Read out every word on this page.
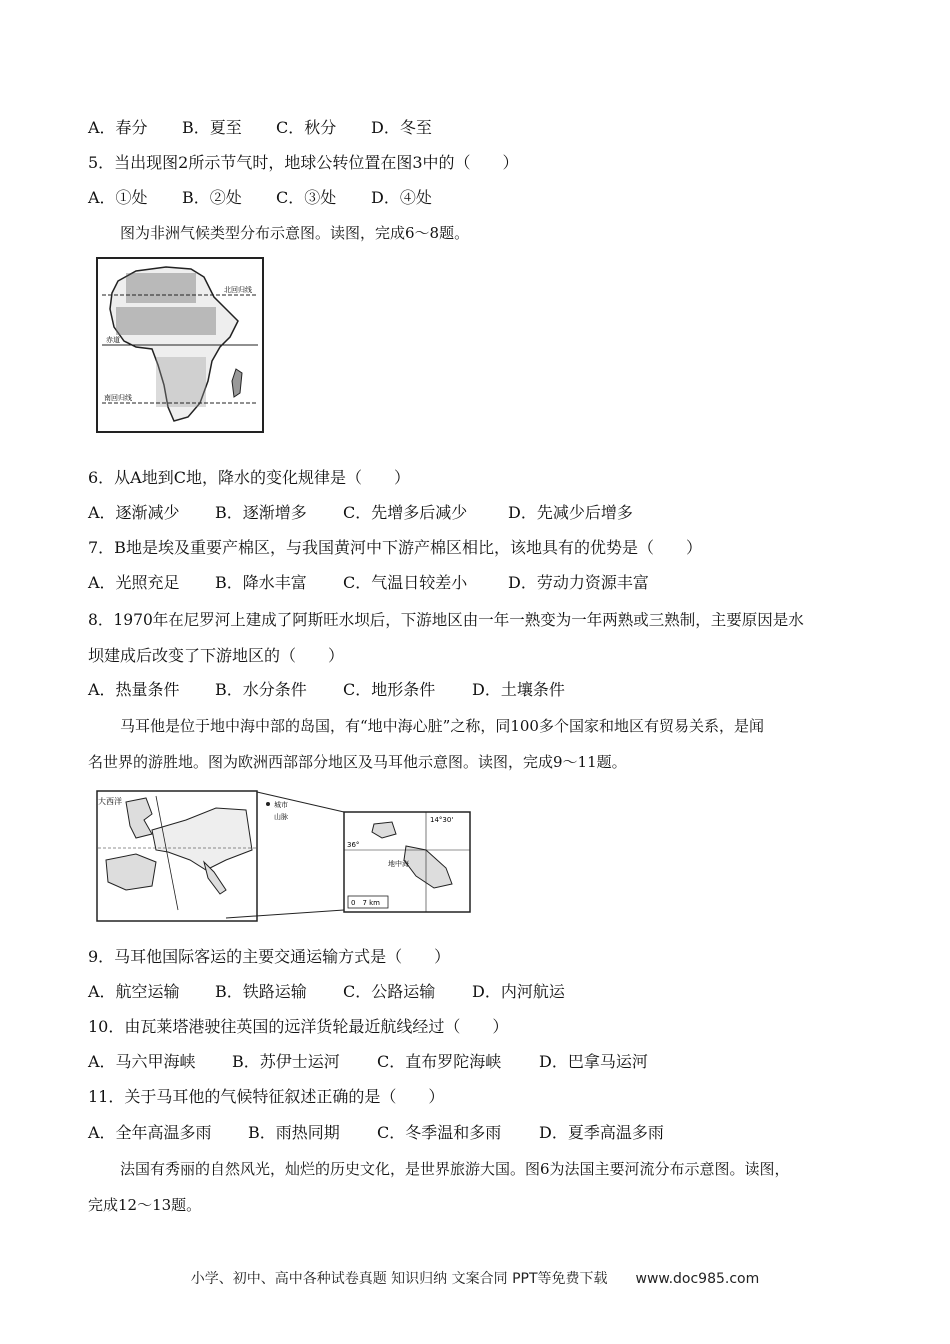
A．春分 B．夏至 C．秋分 D．冬至
5．当出现图2所示节气时，地球公转位置在图3中的（　　）
A．①处 B．②处 C．③处 D．④处
图为非洲气候类型分布示意图。读图，完成6～8题。
北回归线
赤道
南回归线
6．从A地到C地，降水的变化规律是（　　）
A．逐渐减少 B．逐渐增多 C．先增多后减少	D．先减少后增多
7．B地是埃及重要产棉区，与我国黄河中下游产棉区相比，该地具有的优势是（　　）
A．光照充足 B．降水丰富 C．气温日较差小	D．劳动力资源丰富
8．1970年在尼罗河上建成了阿斯旺水坝后，下游地区由一年一熟变为一年两熟或三熟制，主要原因是水
坝建成后改变了下游地区的（　　）
A．热量条件 B．水分条件 C．地形条件 D．土壤条件
马耳他是位于地中海中部的岛国，有“地中海心脏”之称，同100多个国家和地区有贸易关系，是闻
名世界的游胜地。图为欧洲西部部分地区及马耳他示意图。读图，完成9～11题。
大西洋	城市
山脉	14°30'
36°
地中海
0　7 km
9．马耳他国际客运的主要交通运输方式是（　　）
A．航空运输 B．铁路运输 C．公路运输 D．内河航运
10．由瓦莱塔港驶往英国的远洋货轮最近航线经过（　　）
A．马六甲海峡 B．苏伊士运河 C．直布罗陀海峡 D．巴拿马运河
11．关于马耳他的气候特征叙述正确的是（　　）
A．全年高温多雨 B．雨热同期 C．冬季温和多雨 D．夏季高温多雨
法国有秀丽的自然风光，灿烂的历史文化，是世界旅游大国。图6为法国主要河流分布示意图。读图，
完成12～13题。
小学、初中、高中各种试卷真题 知识归纳 文案合同 PPT等免费下载　　www.doc985.com
